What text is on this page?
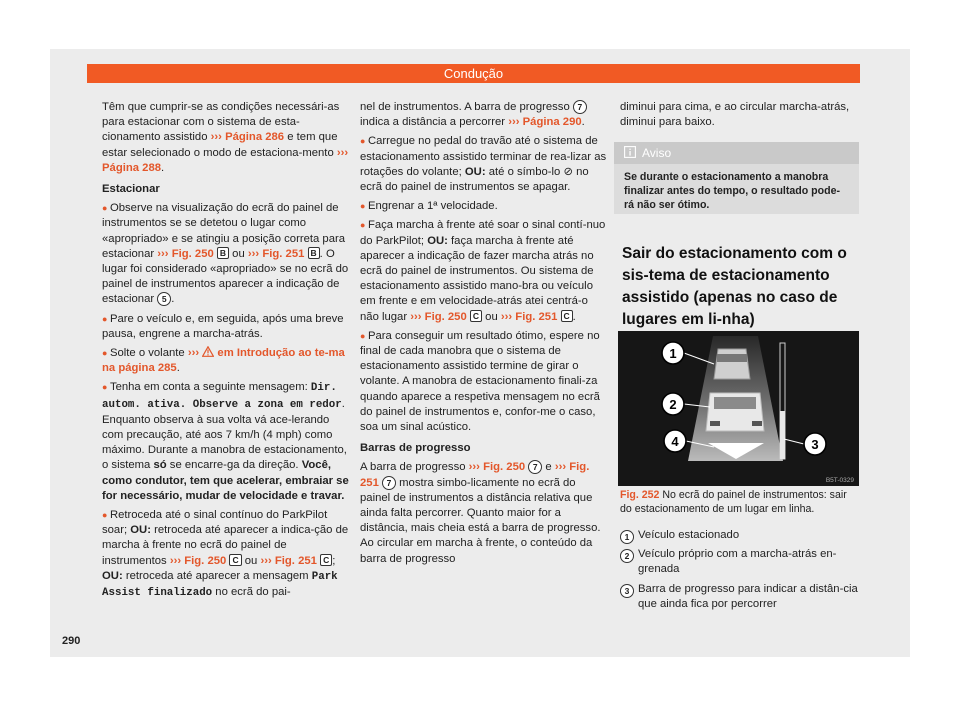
Condução

Têm que cumprir-se as condições necessári-as para estacionar com o sistema de esta-cionamento assistido ››› Página 286 e tem que estar selecionado o modo de estaciona-mento ››› Página 288.

Estacionar

● Observe na visualização do ecrã do painel de instrumentos se se detetou o lugar como «apropriado» e se atingiu a posição correta para estacionar ››› Fig. 250 B ou ››› Fig. 251 B . O lugar foi considerado «apropriado» se no ecrã do painel de instrumentos aparecer a indicação de estacionar 5 .

● Pare o veículo e, em seguida, após uma breve pausa, engrene a marcha-atrás.

● Solte o volante ››› em Introdução ao te-ma na página 285.

● Tenha em conta a seguinte mensagem: Dir. autom. ativa. Observe a zona em redor. Enquanto observa à sua volta vá ace-lerando com precaução, até aos 7 km/h (4 mph) como máximo. Durante a manobra de estacionamento, o sistema só se encarre-ga da direção. Você, como condutor, tem que acelerar, embraiar se for necessário, mudar de velocidade e travar.

● Retroceda até o sinal contínuo do ParkPilot soar; OU: retroceda até aparecer a indica-ção de marcha à frente no ecrã do painel de instrumentos ››› Fig. 250 C ou ››› Fig. 251 C ; OU: retroceda até aparecer a mensagem Park Assist finalizado no ecrã do pai-

nel de instrumentos. A barra de progresso 7 indica a distância a percorrer ››› Página 290.

● Carregue no pedal do travão até o sistema de estacionamento assistido terminar de rea-lizar as rotações do volante; OU: até o símbo-lo ⊘ no ecrã do painel de instrumentos se apagar.

● Engrenar a 1ª velocidade.

● Faça marcha à frente até soar o sinal contí-nuo do ParkPilot; OU: faça marcha à frente até aparecer a indicação de fazer marcha atrás no ecrã do painel de instrumentos. Ou sistema de estacionamento assistido mano-bra ou veículo em frente e em velocidade-atrás atei centrá-o não lugar ››› Fig. 250 C ou ››› Fig. 251 C .

● Para conseguir um resultado ótimo, espere no final de cada manobra que o sistema de estacionamento assistido termine de girar o volante. A manobra de estacionamento finali-za quando aparece a respetiva mensagem no ecrã do painel de instrumentos e, confor-me o caso, soa um sinal acústico.

Barras de progresso

A barra de progresso ››› Fig. 250 7 e ››› Fig. 251 7 mostra simbo-licamente no ecrã do painel de instrumentos a distância relativa que ainda falta percorrer. Quanto maior for a distância, mais cheia está a barra de progresso. Ao circular em marcha à frente, o conteúdo da barra de progresso

diminui para cima, e ao circular marcha-atrás, diminui para baixo.

Aviso
Se durante o estacionamento a manobra finalizar antes do tempo, o resultado pode-rá não ser ótimo.
Sair do estacionamento com o sis-tema de estacionamento assistido (apenas no caso de lugares em li-nha)
1
2
4	3
B5T-0329
Fig. 252 No ecrã do painel de instrumentos: sair do estacionamento de um lugar em linha.
1 Veículo estacionado
2 Veículo próprio com a marcha-atrás en-grenada
3 Barra de progresso para indicar a distân-cia que ainda fica por percorrer
290
